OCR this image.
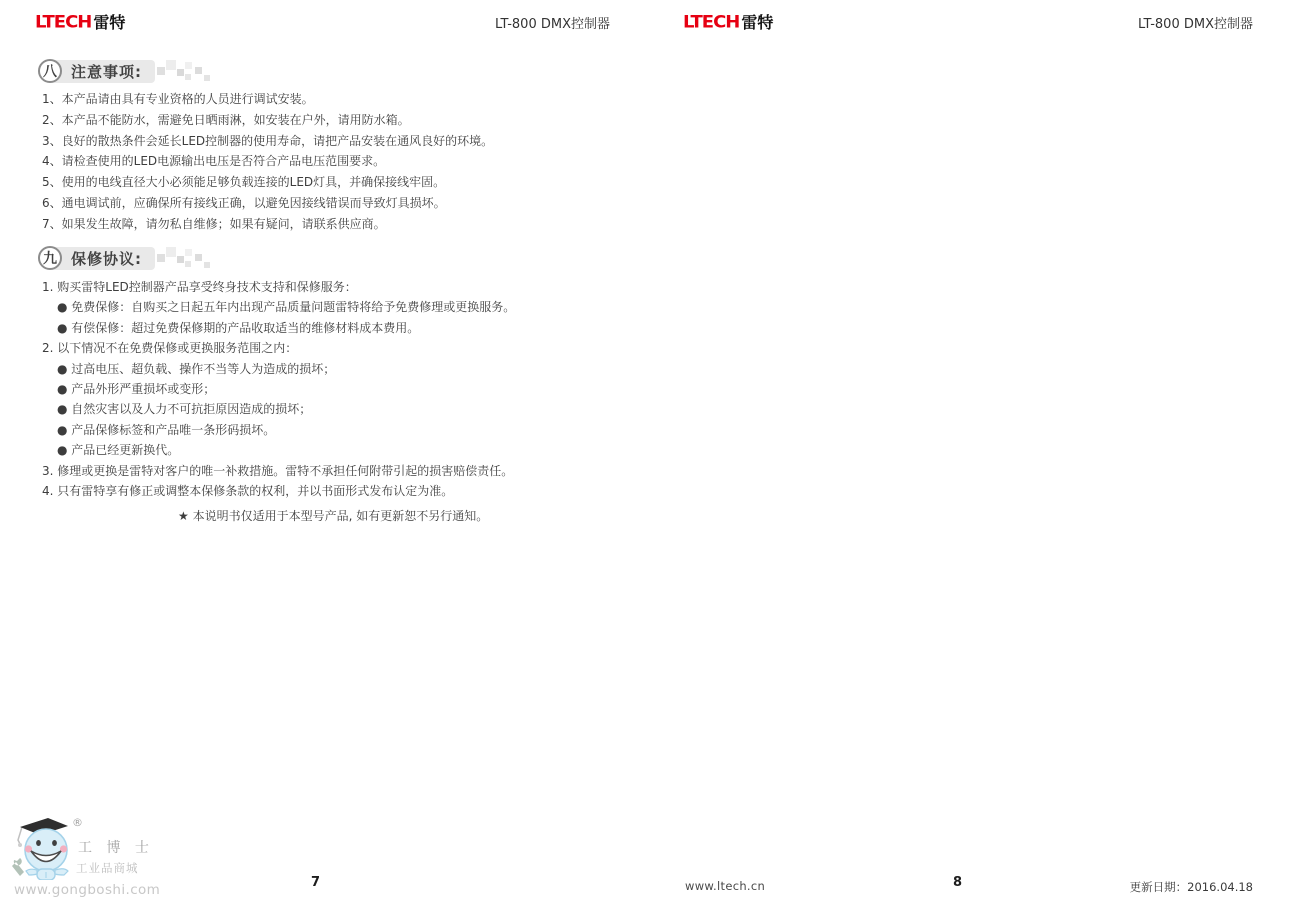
LTECH 雷特	LT-800 DMX控制器
八 注意事项:
1、本产品请由具有专业资格的人员进行调试安装。
2、本产品不能防水，需避免日晒雨淋，如安装在户外，请用防水箱。
3、良好的散热条件会延长LED控制器的使用寿命，请把产品安装在通风良好的环境。
4、请检查使用的LED电源输出电压是否符合产品电压范围要求。
5、使用的电线直径大小必须能足够负载连接的LED灯具，并确保接线牢固。
6、通电调试前，应确保所有接线正确，以避免因接线错误而导致灯具损坏。
7、如果发生故障，请勿私自维修；如果有疑问，请联系供应商。
九 保修协议:
1. 购买雷特LED控制器产品享受终身技术支持和保修服务：
● 免费保修：自购买之日起五年内出现产品质量问题雷特将给予免费修理或更换服务。
● 有偿保修：超过免费保修期的产品收取适当的维修材料成本费用。
2. 以下情况不在免费保修或更换服务范围之内：
● 过高电压、超负载、操作不当等人为造成的损坏；
● 产品外形严重损坏或变形；
● 自然灾害以及人力不可抗拒原因造成的损坏；
● 产品保修标签和产品唯一条形码损坏。
● 产品已经更新换代。
3. 修理或更换是雷特对客户的唯一补救措施。雷特不承担任何附带引起的损害赔偿责任。
4. 只有雷特享有修正或调整本保修条款的权利，并以书面形式发布认定为准。
★ 本说明书仅适用于本型号产品, 如有更新恕不另行通知。
7
®
工 博 士
工业品商城
www.gongboshi.com
LTECH 雷特	LT-800 DMX控制器
www.ltech.cn	8	更新日期：2016.04.18
